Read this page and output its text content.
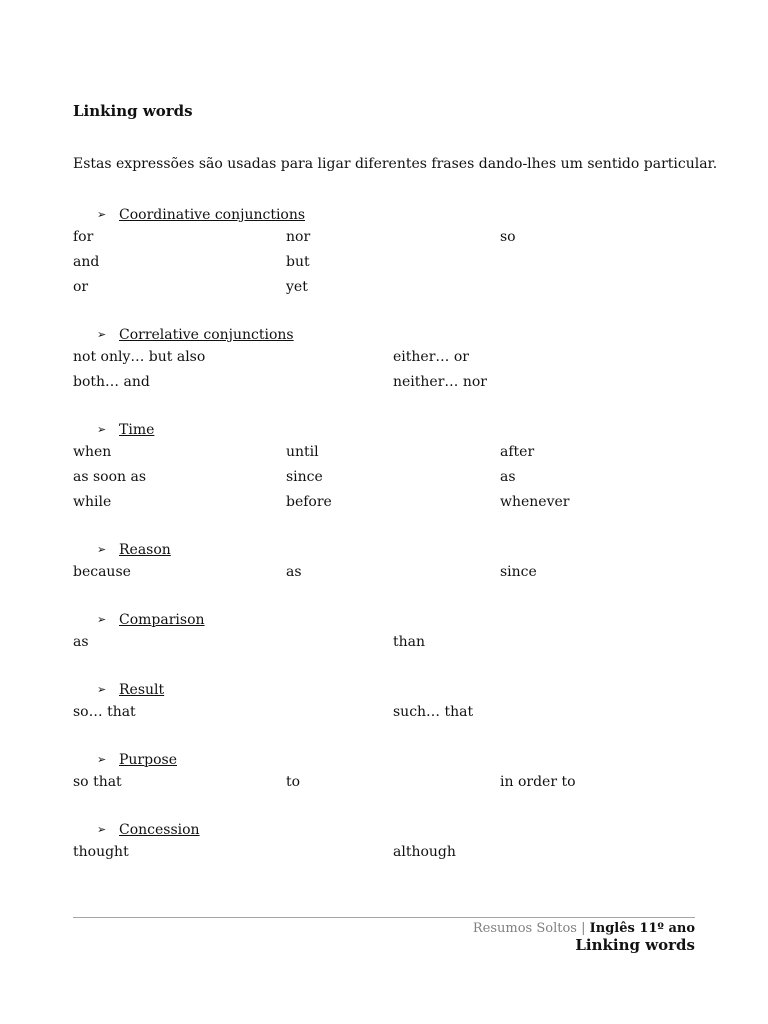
Linking words

Estas expressões são usadas para ligar diferentes frases dando-lhes um sentido particular.

➢ Coordinative conjunctions
for	nor	so
and	but
or	yet
➢ Correlative conjunctions
not only… but also	either… or
both… and	neither… nor
➢ Time
when	until	after
as soon as	since	as
while	before	whenever
➢ Reason
because	as	since
➢ Comparison
as	than
➢ Result
so… that	such… that
➢ Purpose
so that	to	in order to
➢ Concession
thought	although
Resumos Soltos | Inglês 11º ano
Linking words
